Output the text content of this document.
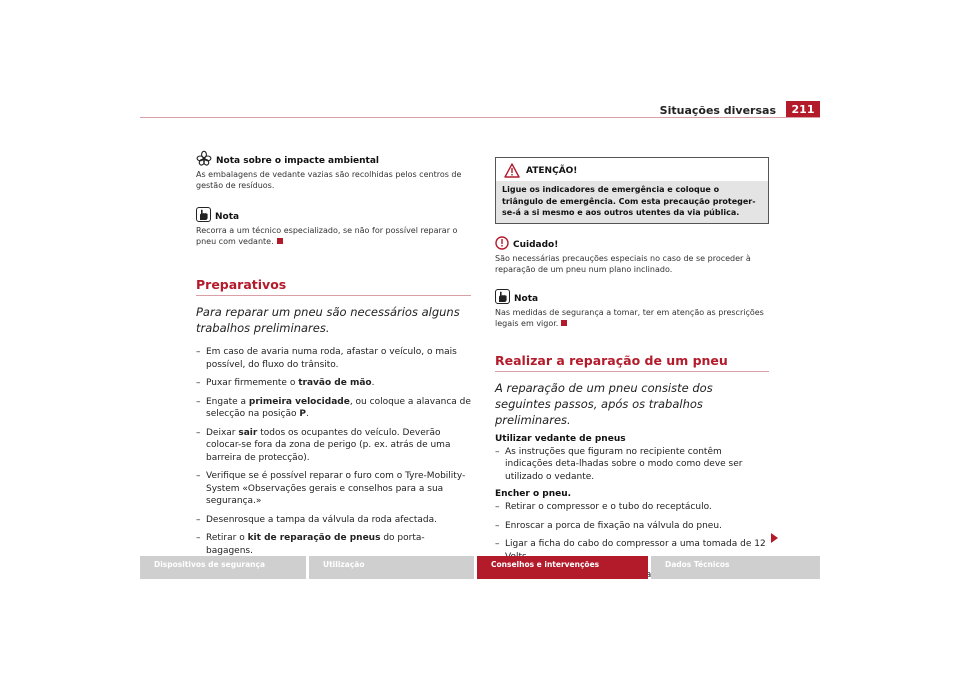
Situações diversas	211
Nota sobre o impacte ambiental
As embalagens de vedante vazias são recolhidas pelos centros de gestão de resíduos.
Nota
Recorra a um técnico especializado, se não for possível reparar o pneu com vedante.
Preparativos
Para reparar um pneu são necessários alguns trabalhos preliminares.
– Em caso de avaria numa roda, afastar o veículo, o mais possível, do fluxo do trânsito.
– Puxar firmemente o travão de mão.
– Engate a primeira velocidade, ou coloque a alavanca de selecção na posição P.
– Deixar sair todos os ocupantes do veículo. Deverão colocar-se fora da zona de perigo (p. ex. atrás de uma barreira de protecção).
– Verifique se é possível reparar o furo com o Tyre-Mobility-System «Observações gerais e conselhos para a sua segurança.»
– Desenrosque a tampa da válvula da roda afectada.
– Retirar o kit de reparação de pneus do porta-bagagens.
ATENÇÃO!
Ligue os indicadores de emergência e coloque o triângulo de emergência. Com esta precaução proteger-se-á a si mesmo e aos outros utentes da via pública.
Cuidado!
São necessárias precauções especiais no caso de se proceder à reparação de um pneu num plano inclinado.
Nota
Nas medidas de segurança a tomar, ter em atenção as prescrições legais em vigor.
Realizar a reparação de um pneu
A reparação de um pneu consiste dos seguintes passos, após os trabalhos preliminares.
Utilizar vedante de pneus
– As instruções que figuram no recipiente contêm indicações deta-lhadas sobre o modo como deve ser utilizado o vedante.
Encher o pneu.
– Retirar o compressor e o tubo do receptáculo.
– Enroscar a porca de fixação na válvula do pneu.
– Ligar a ficha do cabo do compressor a uma tomada de 12
– a
Dispositivos de segurança	Utilização	Conselhos e intervenções	Dados Técnicos
